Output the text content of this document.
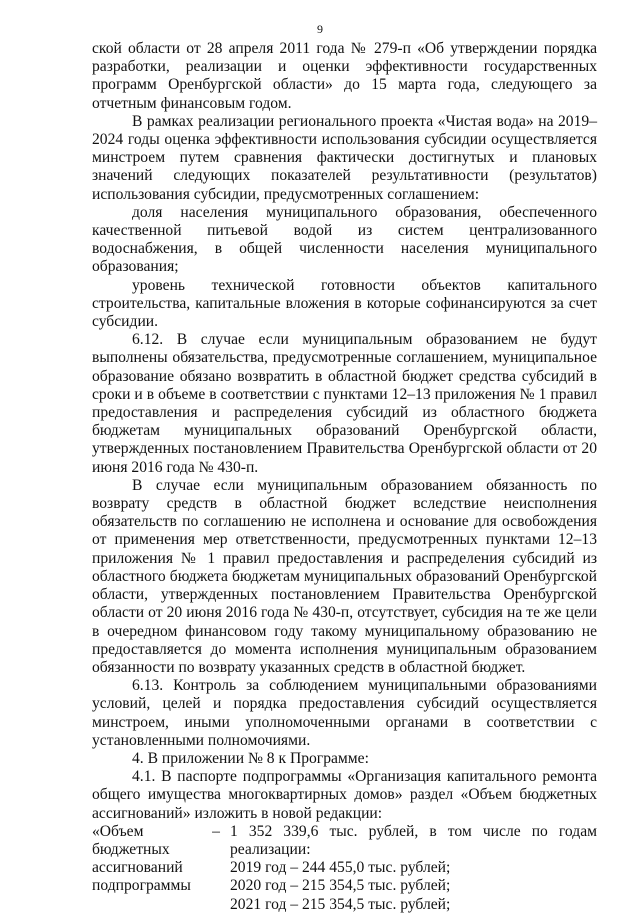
9

ской области от 28 апреля 2011 года № 279-п «Об утверждении порядка разработки, реализации и оценки эффективности государственных программ Оренбургской области» до 15 марта года, следующего за отчетным финансовым годом.

В рамках реализации регионального проекта «Чистая вода» на 2019–2024 годы оценка эффективности использования субсидии осуществляется минстроем путем сравнения фактически достигнутых и плановых значений следующих показателей результативности (результатов) использования субсидии, предусмотренных соглашением:

доля населения муниципального образования, обеспеченного качественной питьевой водой из систем централизованного водоснабжения, в общей численности населения муниципального образования;

уровень технической готовности объектов капитального строительства, капитальные вложения в которые софинансируются за счет субсидии.

6.12. В случае если муниципальным образованием не будут выполнены обязательства, предусмотренные соглашением, муниципальное образование обязано возвратить в областной бюджет средства субсидий в сроки и в объеме в соответствии с пунктами 12–13 приложения № 1 правил предоставления и распределения субсидий из областного бюджета бюджетам муниципальных образований Оренбургской области, утвержденных постановлением Правительства Оренбургской области от 20 июня 2016 года № 430-п.

В случае если муниципальным образованием обязанность по возврату средств в областной бюджет вследствие неисполнения обязательств по соглашению не исполнена и основание для освобождения от применения мер ответственности, предусмотренных пунктами 12–13 приложения № 1 правил предоставления и распределения субсидий из областного бюджета бюджетам муниципальных образований Оренбургской области, утвержденных постановлением Правительства Оренбургской области от 20 июня 2016 года № 430-п, отсутствует, субсидия на те же цели в очередном финансовом году такому муниципальному образованию не предоставляется до момента исполнения муниципальным образованием обязанности по возврату указанных средств в областной бюджет.

6.13. Контроль за соблюдением муниципальными образованиями условий, целей и порядка предоставления субсидий осуществляется минстроем, иными уполномоченными органами в соответствии с установленными полномочиями.

4. В приложении № 8 к Программе:

4.1. В паспорте подпрограммы «Организация капитального ремонта общего имущества многоквартирных домов» раздел «Объем бюджетных ассигнований» изложить в новой редакции:

«Объем
бюджетных
ассигнований
подпрограммы
– 1 352 339,6 тыс. рублей, в том числе по годам реализации:
2019 год – 244 455,0 тыс. рублей;
2020 год – 215 354,5 тыс. рублей;
2021 год – 215 354,5 тыс. рублей;
